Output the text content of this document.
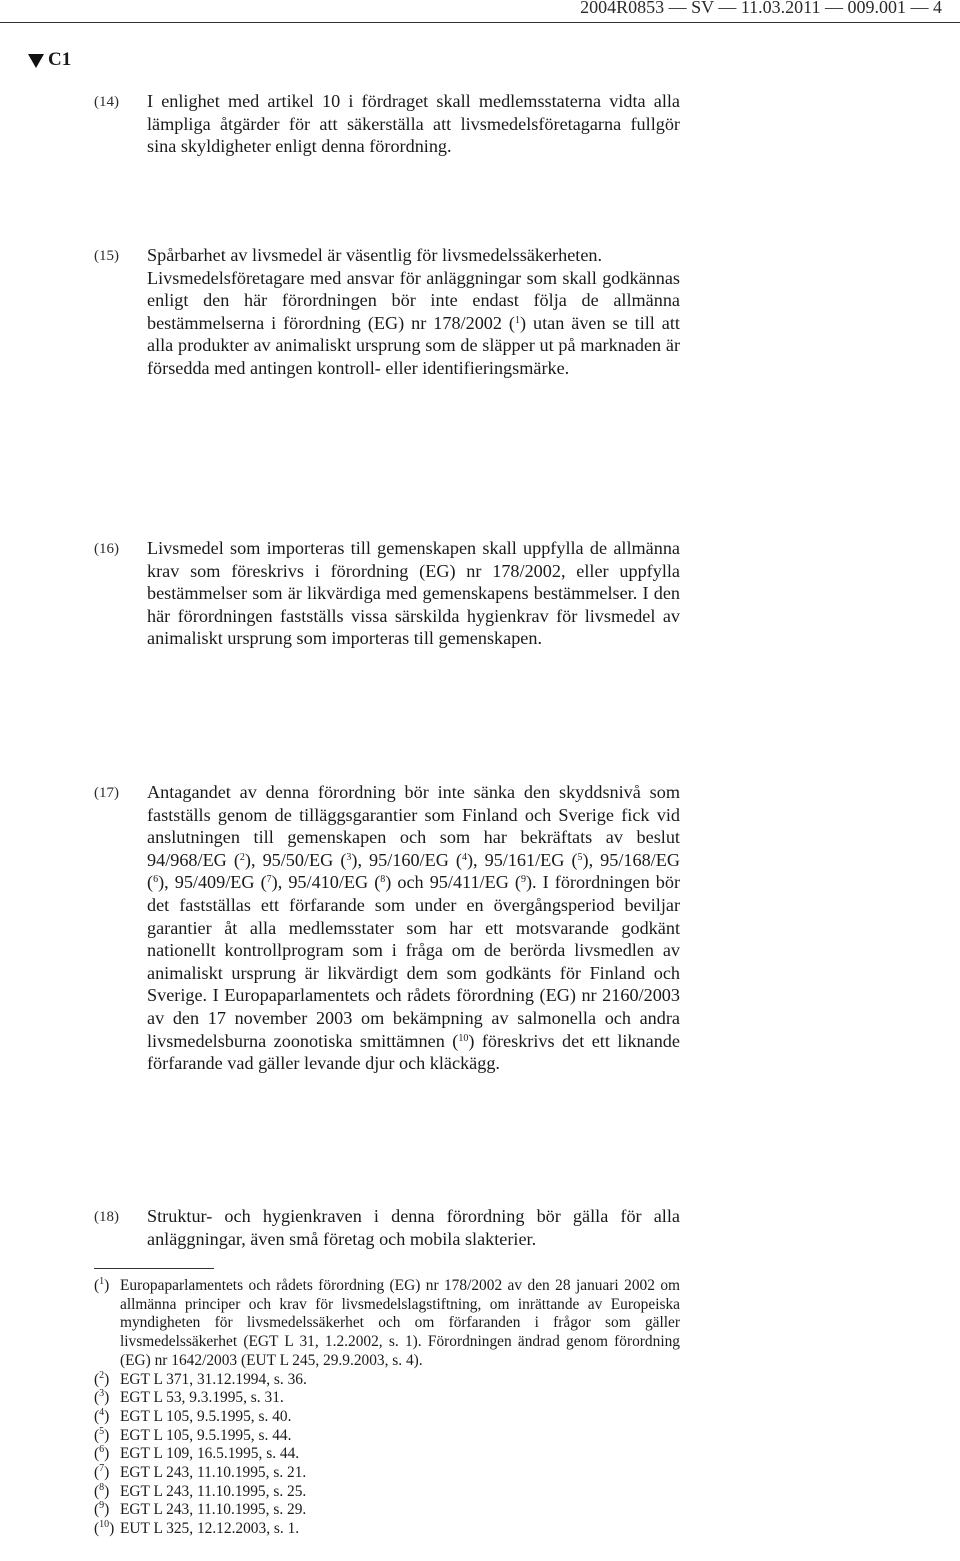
2004R0853 — SV — 11.03.2011 — 009.001 — 4
C1
(14) I enlighet med artikel 10 i fördraget skall medlemsstaterna vidta alla lämpliga åtgärder för att säkerställa att livsmedelsföretagarna fullgör sina skyldigheter enligt denna förordning.

(15) Spårbarhet av livsmedel är väsentlig för livsmedelssäkerheten.

Livsmedelsföretagare med ansvar för anläggningar som skall godkännas enligt den här förordningen bör inte endast följa de allmänna bestämmelserna i förordning (EG) nr 178/2002 ($^1$) utan även se till att alla produkter av animaliskt ursprung som de släpper ut på marknaden är försedda med antingen kontroll- eller identifieringsmärke.

(16) Livsmedel som importeras till gemenskapen skall uppfylla de allmänna krav som föreskrivs i förordning (EG) nr 178/2002, eller uppfylla bestämmelser som är likvärdiga med gemenskapens bestämmelser. I den här förordningen fastställs vissa särskilda hygienkrav för livsmedel av animaliskt ursprung som importeras till gemenskapen.

(17) Antagandet av denna förordning bör inte sänka den skyddsnivå som fastställs genom de tilläggsgarantier som Finland och Sverige fick vid anslutningen till gemenskapen och som har bekräftats av beslut 94/968/EG ($^2$), 95/50/EG ($^3$), 95/160/EG ($^4$), 95/161/EG ($^5$), 95/168/EG ($^6$), 95/409/EG ($^7$), 95/410/EG ($^8$) och 95/411/EG ($^9$). I förordningen bör det fastställas ett förfarande som under en övergångsperiod beviljar garantier åt alla medlemsstater som har ett motsvarande godkänt nationellt kontrollprogram som i fråga om de berörda livsmedlen av animaliskt ursprung är likvärdigt dem som godkänts för Finland och Sverige. I Europaparlamentets och rådets förordning (EG) nr 2160/2003 av den 17 november 2003 om bekämpning av salmonella och andra livsmedelsburna zoonotiska smittämnen ($^{10}$) föreskrivs det ett liknande förfarande vad gäller levande djur och kläckägg.

(18) Struktur- och hygienkraven i denna förordning bör gälla för alla anläggningar, även små företag och mobila slakterier.

($^1$) Europaparlamentets och rådets förordning (EG) nr 178/2002 av den 28 januari 2002 om allmänna principer och krav för livsmedelslagstiftning, om inrättande av Europeiska myndigheten för livsmedelssäkerhet och om förfaranden i frågor som gäller livsmedelssäkerhet (EGT L 31, 1.2.2002, s. 1). Förordningen ändrad genom förordning (EG) nr 1642/2003 (EUT L 245, 29.9.2003, s. 4).
($^2$) EGT L 371, 31.12.1994, s. 36.
($^3$) EGT L 53, 9.3.1995, s. 31.
($^4$) EGT L 105, 9.5.1995, s. 40.
($^5$) EGT L 105, 9.5.1995, s. 44.
($^6$) EGT L 109, 16.5.1995, s. 44.
($^7$) EGT L 243, 11.10.1995, s. 21.
($^8$) EGT L 243, 11.10.1995, s. 25.
($^9$) EGT L 243, 11.10.1995, s. 29.
($^{10}$) EUT L 325, 12.12.2003, s. 1.
